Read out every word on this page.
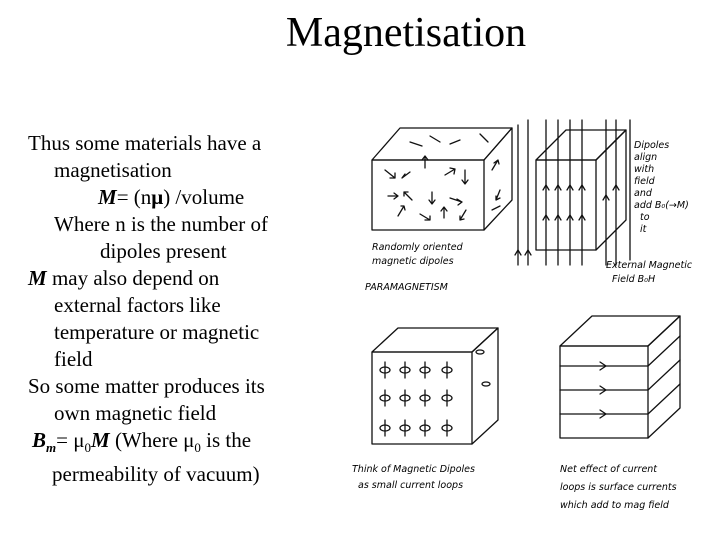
Magnetisation
Thus some materials have a
magnetisation
M= (nμ) /volume
Where n is the number of
dipoles present
M may also depend on
external factors like
temperature or magnetic
field
So some matter produces its
own magnetic field
$B_m= \mu_0M$ (Where $\mu_0$ is the
permeability of vacuum)
Randomly oriented
magnetic dipoles
PARAMAGNETISM
Dipoles
align
with
field
and
add B₀(→M)
to
it
External Magnetic
Field B₀H
Think of Magnetic Dipoles
as small current loops
Net effect of current
loops is surface currents
which add to mag field
